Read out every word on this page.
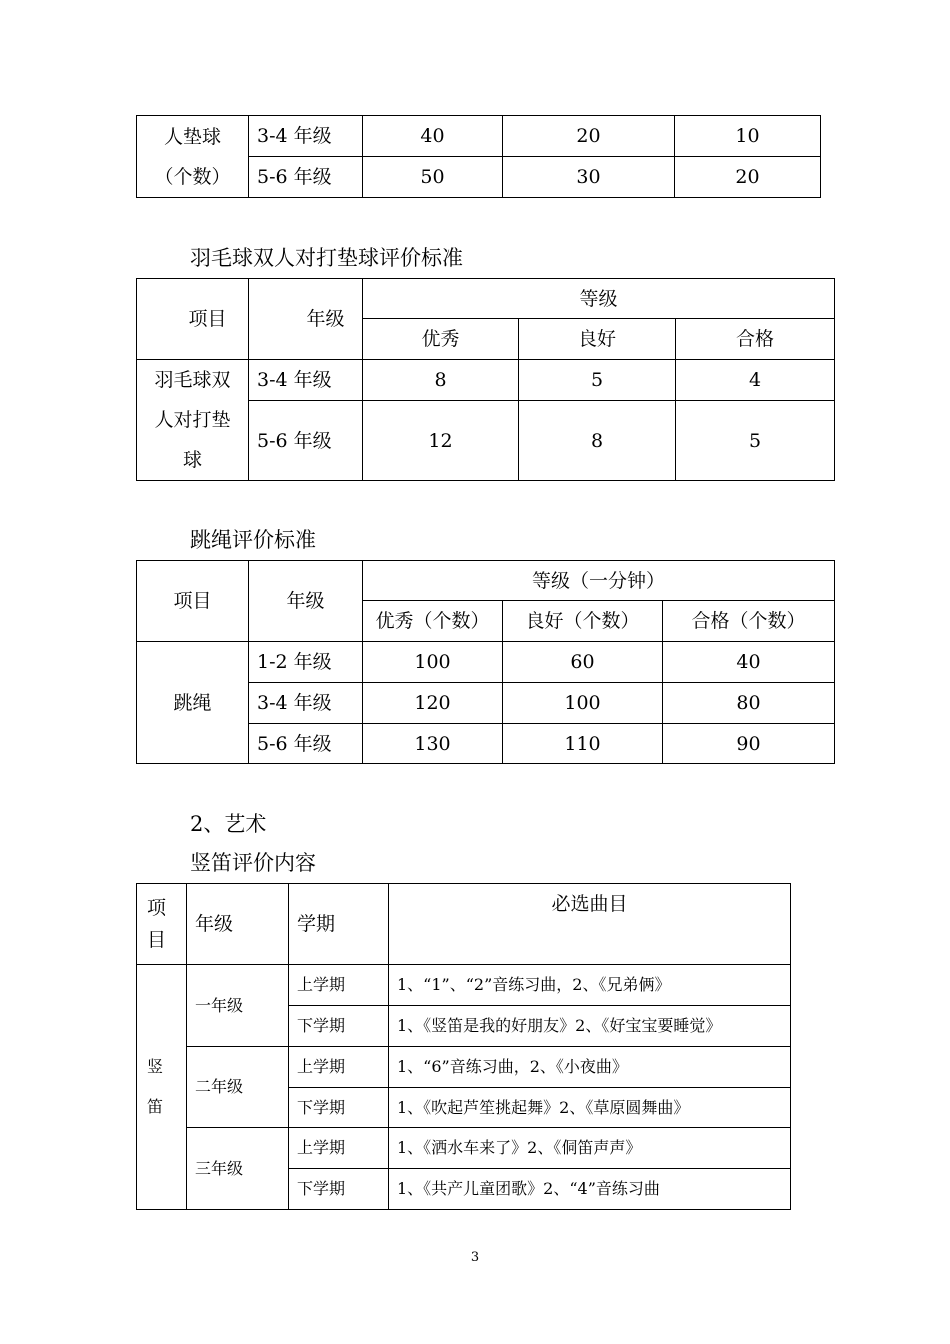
人垫球
（个数）	3-4 年级	40	20	10
	5-6 年级	50	30	20
羽毛球双人对打垫球评价标准
项目	年级	等级		
		优秀	良好	合格
羽毛球双
人对打垫
球	3-4 年级	8	5	4
	5-6 年级	12	8	5
跳绳评价标准
项目	年级	等级（一分钟）		
		优秀（个数）	良好（个数）	合格（个数）
跳绳	1-2 年级	100	60	40
	3-4 年级	120	100	80
	5-6 年级	130	110	90
2、艺术
竖笛评价内容
项
目	年级	学期	必选曲目
竖
笛	一年级	上学期	1、“1”、“2”音练习曲，2、《兄弟俩》
		下学期	1、《竖笛是我的好朋友》2、《好宝宝要睡觉》
	二年级	上学期	1、“6”音练习曲，2、《小夜曲》
		下学期	1、《吹起芦笙挑起舞》2、《草原圆舞曲》
	三年级	上学期	1、《洒水车来了》2、《侗笛声声》
		下学期	1、《共产儿童团歌》2、“4”音练习曲
3
